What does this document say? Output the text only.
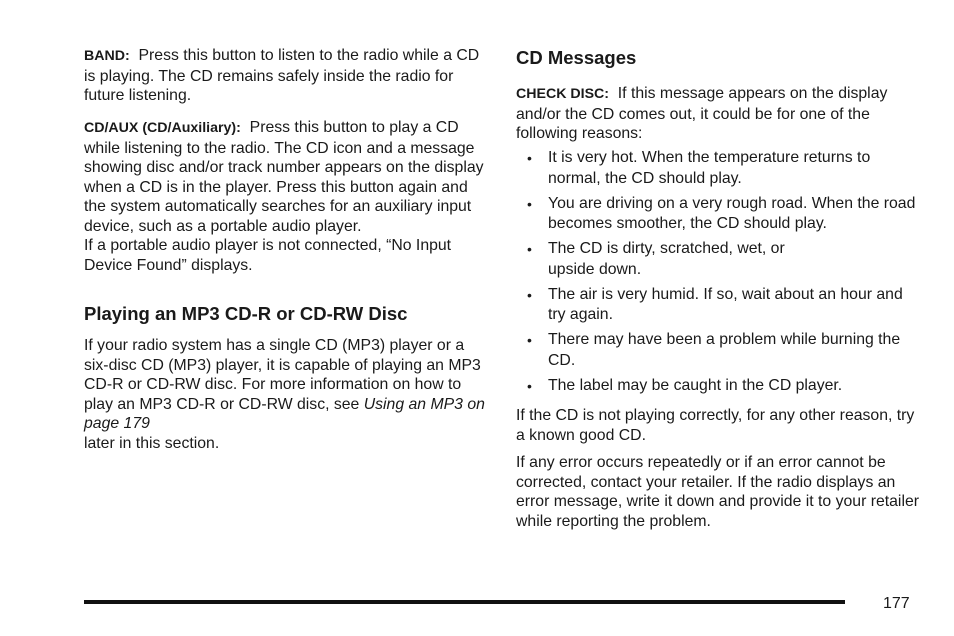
BAND: Press this button to listen to the radio while a CD is playing. The CD remains safely inside the radio for future listening.

CD/AUX (CD/Auxiliary): Press this button to play a CD while listening to the radio. The CD icon and a message showing disc and/or track number appears on the display when a CD is in the player. Press this button again and the system automatically searches for an auxiliary input device, such as a portable audio player.
If a portable audio player is not connected, “No Input Device Found” displays.

Playing an MP3 CD-R or CD-RW Disc

If your radio system has a single CD (MP3) player or a six-disc CD (MP3) player, it is capable of playing an MP3 CD-R or CD-RW disc. For more information on how to play an MP3 CD-R or CD-RW disc, see Using an MP3 on page 179
later in this section.

CD Messages

CHECK DISC: If this message appears on the display and/or the CD comes out, it could be for one of the following reasons:

• It is very hot. When the temperature returns to normal, the CD should play.
• You are driving on a very rough road. When the road becomes smoother, the CD should play.
• The CD is dirty, scratched, wet, or upside down.
• The air is very humid. If so, wait about an hour and try again.
• There may have been a problem while burning the CD.
• The label may be caught in the CD player.

If the CD is not playing correctly, for any other reason, try a known good CD.

If any error occurs repeatedly or if an error cannot be corrected, contact your retailer. If the radio displays an error message, write it down and provide it to your retailer while reporting the problem.

177
